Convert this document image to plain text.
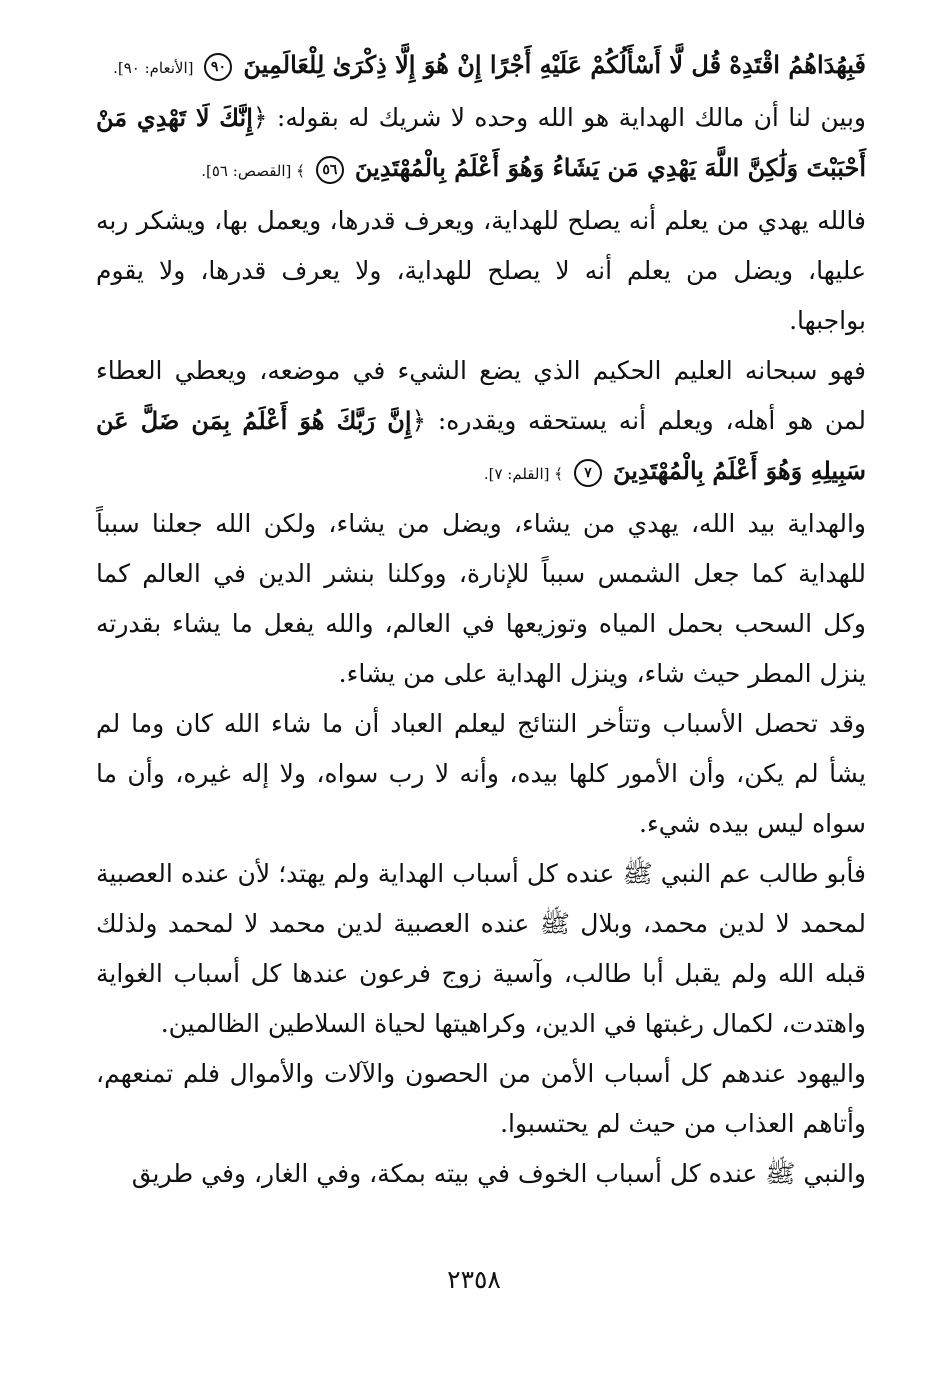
فَبِهُدَاهُمُ اقْتَدِهْ قُل لَّا أَسْأَلُكُمْ عَلَيْهِ أَجْرًا إِنْ هُوَ إِلَّا ذِكْرَىٰ لِلْعَالَمِينَ ٩٠ [الأنعام: ٩٠].

وبين لنا أن مالك الهداية هو الله وحده لا شريك له بقوله: ﴿إِنَّكَ لَا تَهْدِي مَنْ أَحْبَبْتَ وَلَٰكِنَّ اللَّهَ يَهْدِي مَن يَشَاءُ وَهُوَ أَعْلَمُ بِالْمُهْتَدِينَ ٥٦ ﴾ [القصص: ٥٦].

فالله يهدي من يعلم أنه يصلح للهداية، ويعرف قدرها، ويعمل بها، ويشكر ربه عليها، ويضل من يعلم أنه لا يصلح للهداية، ولا يعرف قدرها، ولا يقوم بواجبها.

فهو سبحانه العليم الحكيم الذي يضع الشيء في موضعه، ويعطي العطاء لمن هو أهله، ويعلم أنه يستحقه ويقدره: ﴿إِنَّ رَبَّكَ هُوَ أَعْلَمُ بِمَن ضَلَّ عَن سَبِيلِهِ وَهُوَ أَعْلَمُ بِالْمُهْتَدِينَ ٧ ﴾ [القلم: ٧].

والهداية بيد الله، يهدي من يشاء، ويضل من يشاء، ولكن الله جعلنا سبباً للهداية كما جعل الشمس سبباً للإنارة، ووكلنا بنشر الدين في العالم كما وكل السحب بحمل المياه وتوزيعها في العالم، والله يفعل ما يشاء بقدرته ينزل المطر حيث شاء، وينزل الهداية على من يشاء.

وقد تحصل الأسباب وتتأخر النتائج ليعلم العباد أن ما شاء الله كان وما لم يشأ لم يكن، وأن الأمور كلها بيده، وأنه لا رب سواه، ولا إله غيره، وأن ما سواه ليس بيده شيء.

فأبو طالب عم النبي ﷺ عنده كل أسباب الهداية ولم يهتد؛ لأن عنده العصبية لمحمد لا لدين محمد، وبلال ﷺ عنده العصبية لدين محمد لا لمحمد ولذلك قبله الله ولم يقبل أبا طالب، وآسية زوج فرعون عندها كل أسباب الغواية واهتدت، لكمال رغبتها في الدين، وكراهيتها لحياة السلاطين الظالمين.

واليهود عندهم كل أسباب الأمن من الحصون والآلات والأموال فلم تمنعهم، وأتاهم العذاب من حيث لم يحتسبوا.

والنبي ﷺ عنده كل أسباب الخوف في بيته بمكة، وفي الغار، وفي طريق

٢٣٥٨
